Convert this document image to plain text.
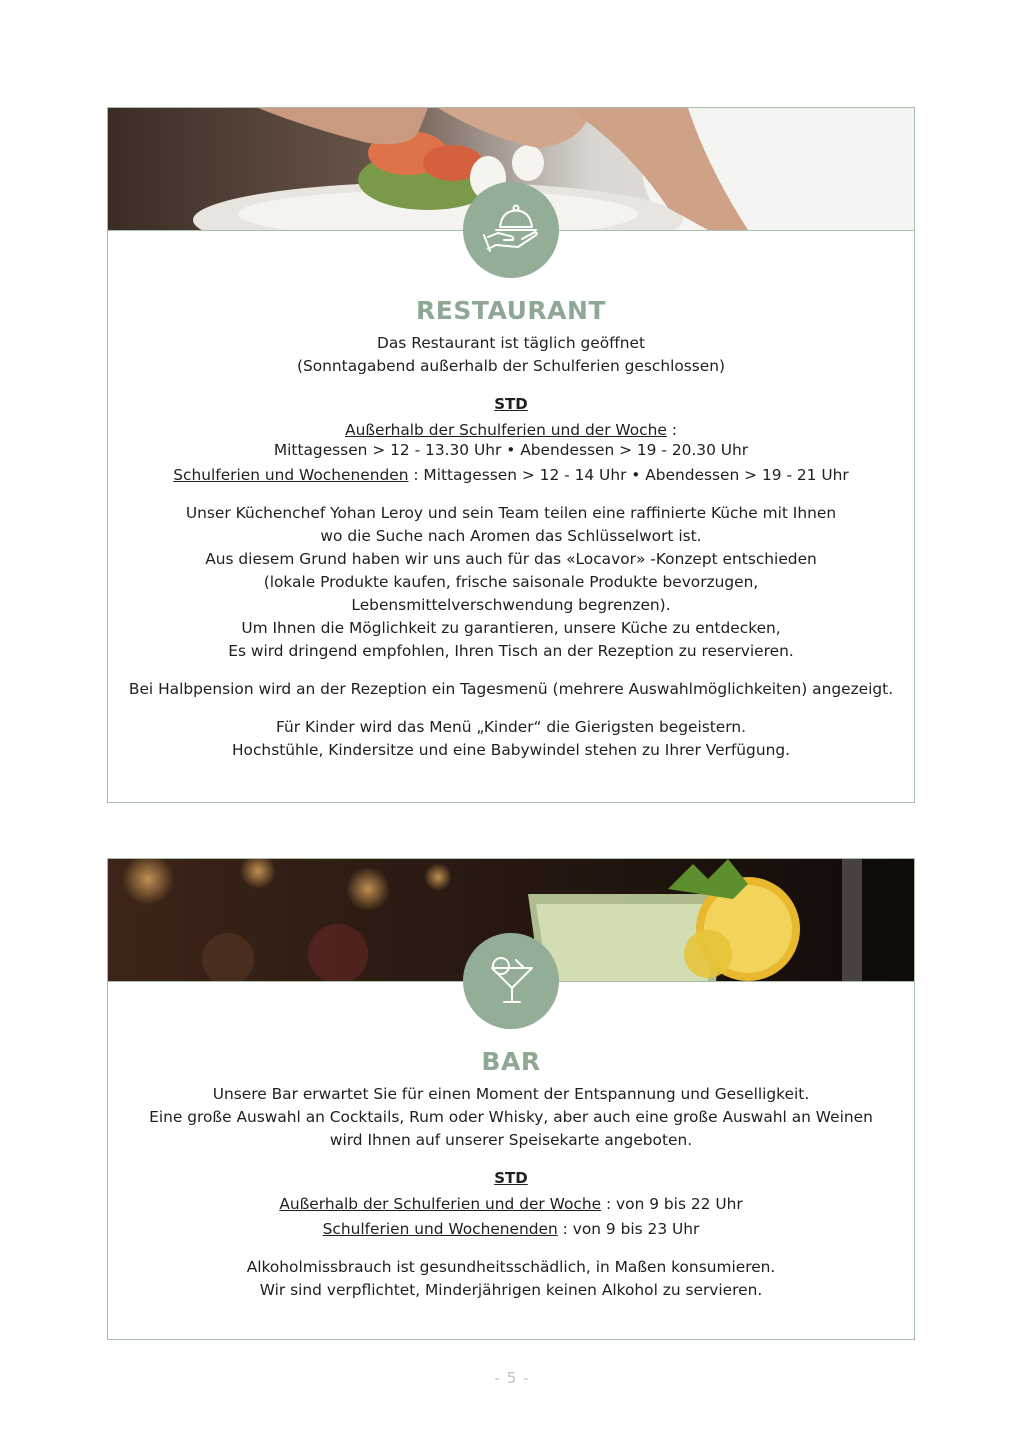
RESTAURANT

Das Restaurant ist täglich geöffnet
(Sonntagabend außerhalb der Schulferien geschlossen)

STD

Außerhalb der Schulferien und der Woche :
Mittagessen > 12 - 13.30 Uhr • Abendessen > 19 - 20.30 Uhr

Schulferien und Wochenenden : Mittagessen > 12 - 14 Uhr • Abendessen > 19 - 21 Uhr

Unser Küchenchef Yohan Leroy und sein Team teilen eine raffinierte Küche mit Ihnen
wo die Suche nach Aromen das Schlüsselwort ist.
Aus diesem Grund haben wir uns auch für das «Locavor» -Konzept entschieden
(lokale Produkte kaufen, frische saisonale Produkte bevorzugen,
Lebensmittelverschwendung begrenzen).
Um Ihnen die Möglichkeit zu garantieren, unsere Küche zu entdecken,
Es wird dringend empfohlen, Ihren Tisch an der Rezeption zu reservieren.

Bei Halbpension wird an der Rezeption ein Tagesmenü (mehrere Auswahlmöglichkeiten) angezeigt.

Für Kinder wird das Menü „Kinder“ die Gierigsten begeistern.
Hochstühle, Kindersitze und eine Babywindel stehen zu Ihrer Verfügung.

BAR

Unsere Bar erwartet Sie für einen Moment der Entspannung und Geselligkeit.
Eine große Auswahl an Cocktails, Rum oder Whisky, aber auch eine große Auswahl an Weinen
wird Ihnen auf unserer Speisekarte angeboten.

STD

Außerhalb der Schulferien und der Woche : von 9 bis 22 Uhr

Schulferien und Wochenenden : von 9 bis 23 Uhr

Alkoholmissbrauch ist gesundheitsschädlich, in Maßen konsumieren.
Wir sind verpflichtet, Minderjährigen keinen Alkohol zu servieren.

- 5 -
